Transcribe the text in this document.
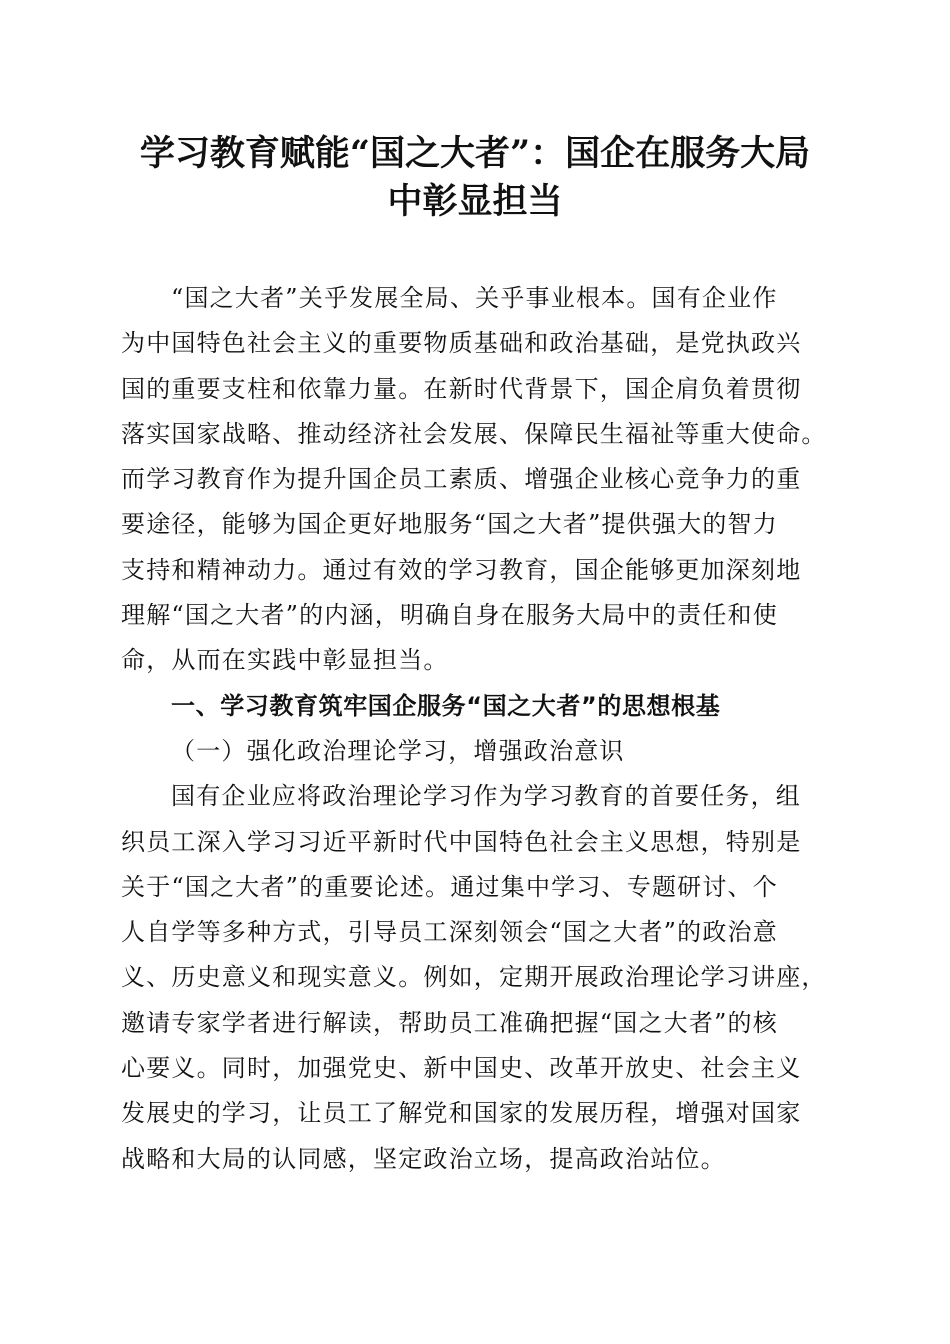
学习教育赋能“国之大者”：国企在服务大局
中彰显担当
“国之大者”关乎发展全局、关乎事业根本。国有企业作
为中国特色社会主义的重要物质基础和政治基础，是党执政兴
国的重要支柱和依靠力量。在新时代背景下，国企肩负着贯彻
落实国家战略、推动经济社会发展、保障民生福祉等重大使命。
而学习教育作为提升国企员工素质、增强企业核心竞争力的重
要途径，能够为国企更好地服务“国之大者”提供强大的智力
支持和精神动力。通过有效的学习教育，国企能够更加深刻地
理解“国之大者”的内涵，明确自身在服务大局中的责任和使
命，从而在实践中彰显担当。
一、学习教育筑牢国企服务“国之大者”的思想根基
（一）强化政治理论学习，增强政治意识
国有企业应将政治理论学习作为学习教育的首要任务，组
织员工深入学习习近平新时代中国特色社会主义思想，特别是
关于“国之大者”的重要论述。通过集中学习、专题研讨、个
人自学等多种方式，引导员工深刻领会“国之大者”的政治意
义、历史意义和现实意义。例如，定期开展政治理论学习讲座，
邀请专家学者进行解读，帮助员工准确把握“国之大者”的核
心要义。同时，加强党史、新中国史、改革开放史、社会主义
发展史的学习，让员工了解党和国家的发展历程，增强对国家
战略和大局的认同感，坚定政治立场，提高政治站位。
